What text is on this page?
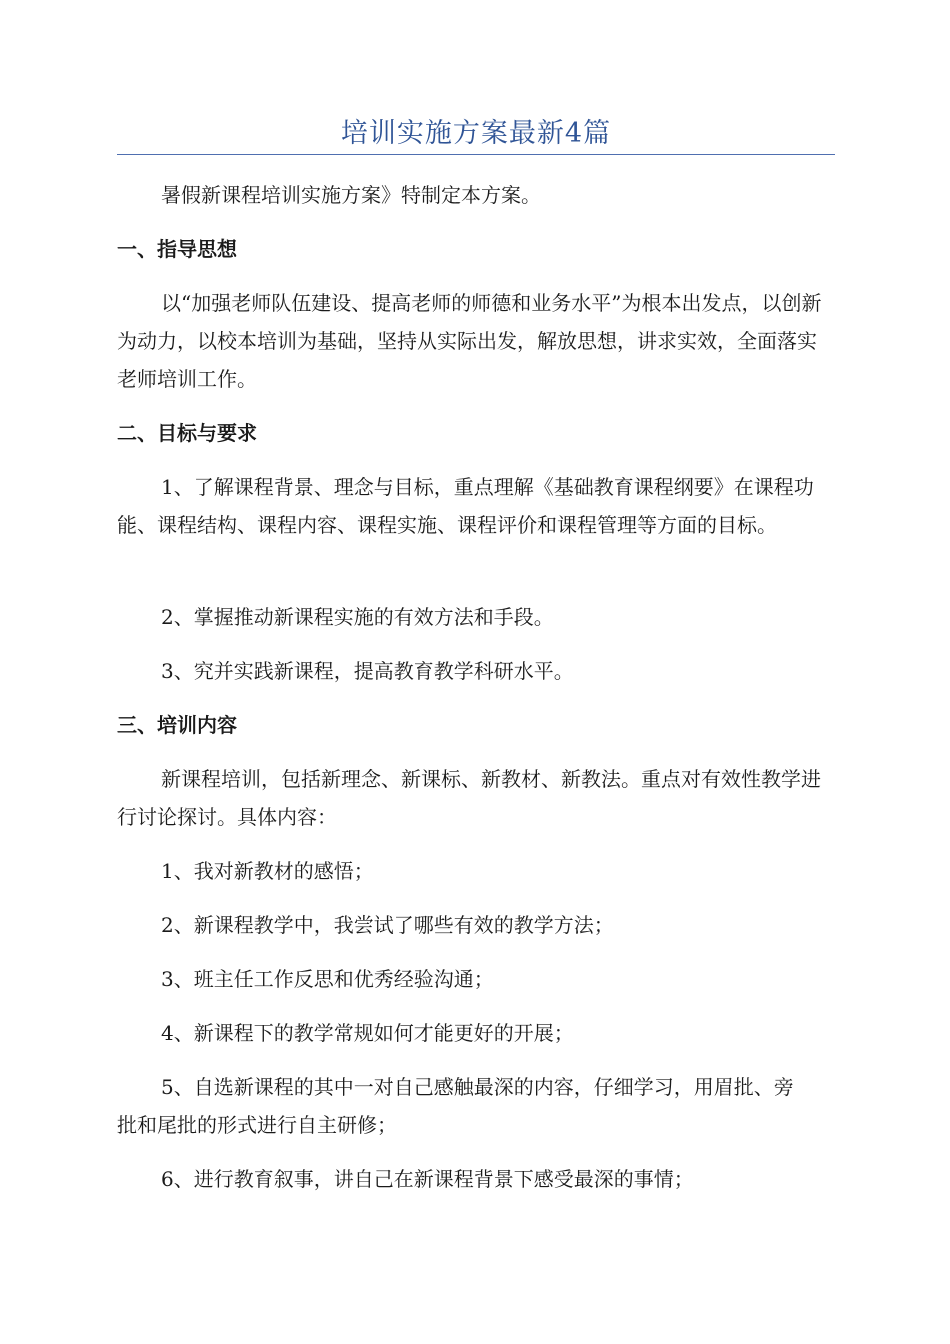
培训实施方案最新4篇

暑假新课程培训实施方案》特制定本方案。

一、指导思想

以“加强老师队伍建设、提高老师的师德和业务水平”为根本出发点，以创新为动力，以校本培训为基础，坚持从实际出发，解放思想，讲求实效，全面落实老师培训工作。

二、目标与要求

1、了解课程背景、理念与目标，重点理解《基础教育课程纲要》在课程功能、课程结构、课程内容、课程实施、课程评价和课程管理等方面的目标。

2、掌握推动新课程实施的有效方法和手段。

3、究并实践新课程，提高教育教学科研水平。

三、培训内容

新课程培训，包括新理念、新课标、新教材、新教法。重点对有效性教学进行讨论探讨。具体内容：

1、我对新教材的感悟；

2、新课程教学中，我尝试了哪些有效的教学方法；

3、班主任工作反思和优秀经验沟通；

4、新课程下的教学常规如何才能更好的开展；

5、自选新课程的其中一对自己感触最深的内容，仔细学习，用眉批、旁批和尾批的形式进行自主研修；

6、进行教育叙事，讲自己在新课程背景下感受最深的事情；
